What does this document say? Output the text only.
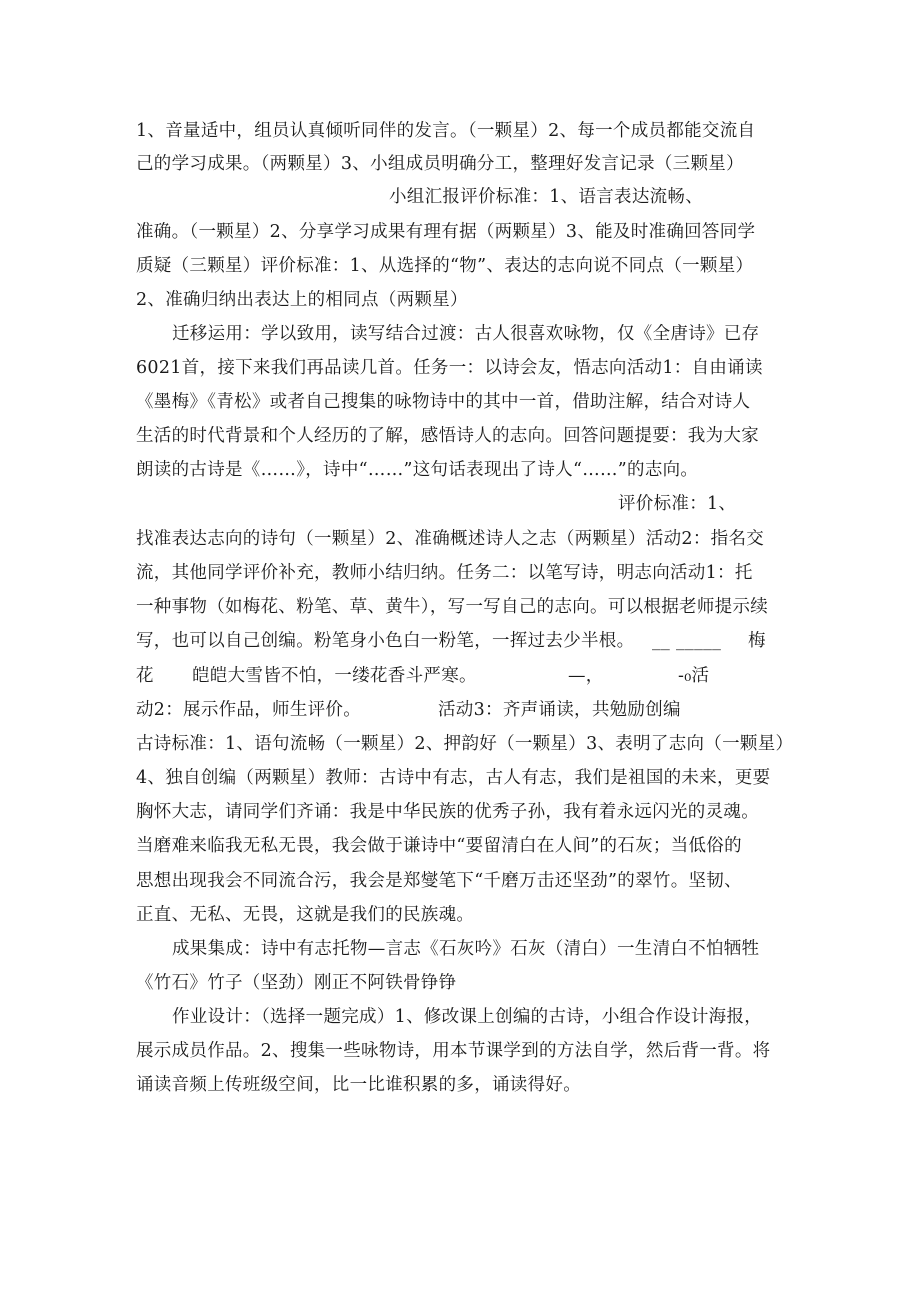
1、音量适中，组员认真倾听同伴的发言。（一颗星）2、每一个成员都能交流自
己的学习成果。（两颗星）3、小组成员明确分工，整理好发言记录（三颗星）
小组汇报评价标准：1、语言表达流畅、
准确。（一颗星）2、分享学习成果有理有据（两颗星）3、能及时准确回答同学
质疑（三颗星）评价标准：1、从选择的“物”、表达的志向说不同点（一颗星）
2、准确归纳出表达上的相同点（两颗星）
迁移运用：学以致用，读写结合过渡：古人很喜欢咏物，仅《全唐诗》已存
6021首，接下来我们再品读几首。任务一：以诗会友，悟志向活动1：自由诵读
《墨梅》《青松》或者自己搜集的咏物诗中的其中一首，借助注解，结合对诗人
生活的时代背景和个人经历的了解，感悟诗人的志向。回答问题提要：我为大家
朗读的古诗是《……》，诗中“……”这句话表现出了诗人“……”的志向。
评价标准：1、
找准表达志向的诗句（一颗星）2、准确概述诗人之志（两颗星）活动2：指名交
流，其他同学评价补充，教师小结归纳。任务二：以笔写诗，明志向活动1：托
一种事物（如梅花、粉笔、草、黄牛），写一写自己的志向。可以根据老师提示续
写，也可以自己创编。粉笔身小色白一粉笔，一挥过去少半根。 __ _____ 梅
花 皑皑大雪皆不怕，一缕花香斗严寒。	—，	-₀活
动2：展示作品，师生评价。	活动3：齐声诵读，共勉励创编
古诗标准：1、语句流畅（一颗星）2、押韵好（一颗星）3、表明了志向（一颗星）
4、独自创编（两颗星）教师：古诗中有志，古人有志，我们是祖国的未来，更要
胸怀大志，请同学们齐诵：我是中华民族的优秀子孙，我有着永远闪光的灵魂。
当磨难来临我无私无畏，我会做于谦诗中“要留清白在人间”的石灰；当低俗的
思想出现我会不同流合污，我会是郑燮笔下“千磨万击还坚劲”的翠竹。坚韧、
正直、无私、无畏，这就是我们的民族魂。
成果集成：诗中有志托物—言志《石灰吟》石灰（清白）一生清白不怕牺牲
《竹石》竹子（坚劲）刚正不阿铁骨铮铮
作业设计：（选择一题完成）1、修改课上创编的古诗，小组合作设计海报，
展示成员作品。2、搜集一些咏物诗，用本节课学到的方法自学，然后背一背。将
诵读音频上传班级空间，比一比谁积累的多，诵读得好。
